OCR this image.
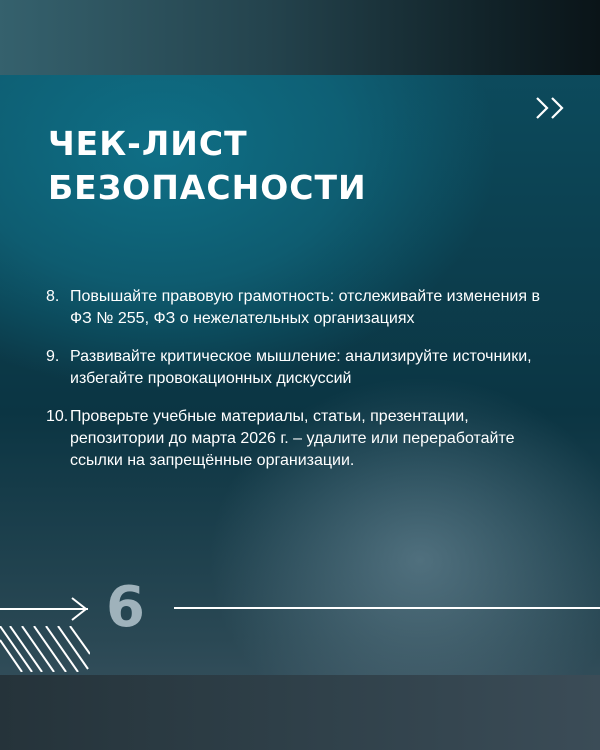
ЧЕК-ЛИСТ
БЕЗОПАСНОСТИ
8. Повышайте правовую грамотность: отслеживайте изменения в ФЗ № 255, ФЗ о нежелательных организациях
9. Развивайте критическое мышление: анализируйте источники, избегайте провокационных дискуссий
10. Проверьте учебные материалы, статьи, презентации, репозитории до марта 2026 г. – удалите или переработайте ссылки на запрещённые организации.
6
